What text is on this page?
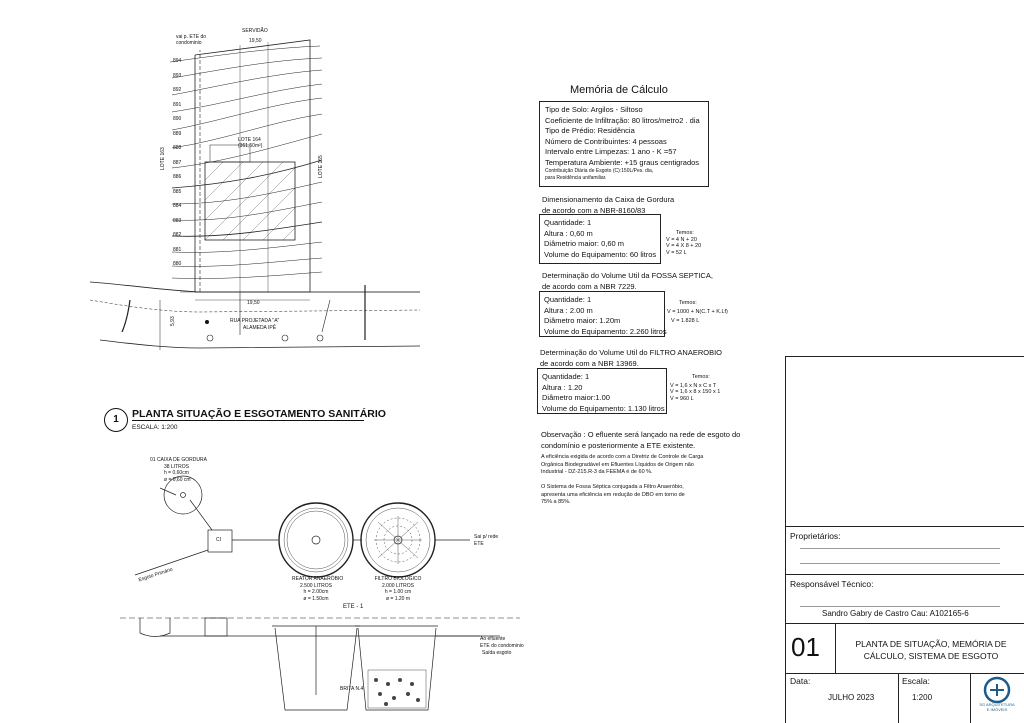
SERVIDÃO
vai p. ETE do
condominio	19,50
19,50
LOTE 164
(361,50m²)
LOTE 163	LOTE 165
RUA PROJETADA "A"
ALAMEDA IPÊ
5,93
894
893
892
891
890
889
888
887
886
885
884
883
882
881
880
1	PLANTA SITUAÇÃO E ESGOTAMENTO SANITÁRIO
ESCALA: 1:200
01 CAIXA DE GORDURA
38 LITROS
h = 0,60cm
ø = 0,60 cm
CI
REATOR ANAERÓBIO
2.500 LITROS
h = 2.00cm
ø = 1.50cm
FILTRO BIOLÓGICO
2.000 LITROS
h = 1.00 cm
ø = 1.20 m
ETE - 1
Sai p/ rede
ETE
Esgoto Primário
Ao efluente
ETE do condominio
BRITA N.4
Saída esgoto
Memória de Cálculo
Tipo de Solo: Argilos - Siltoso
Coeficiente de Infiltração: 80 litros/metro2 . dia
Tipo de Prédio: Residência
Número de Contribuintes: 4 pessoas
Intervalo entre Limpezas: 1 ano - K =57
Temperatura Ambiente: +15 graus centigrados
Contribuição Diária de Esgoto (C):150L/Pes. dia,
para Residência unifamiliar.
Dimensionamento da Caixa de Gordura
de acordo com a NBR-8160/83
Quantidade: 1
Altura : 0,60 m
Diâmetrio maior: 0,60 m
Volume do Equipamento: 60 litros
Temos:
V = 4 N + 20
V = 4 X 8 + 20
V = 52 L
Determinação do Volume Util da FOSSA SEPTICA,
de acordo com a NBR 7229.
Quantidade: 1
Altura : 2.00 m
Diâmetro maior: 1.20m
Volume do Equipamento: 2.260 litros
Temos:
V = 1000 + N(C.T + K.Lf)
V = 1.828 L
Determinação do Volume Util do FILTRO ANAEROBIO
de acordo com a NBR 13969.
Quantidade: 1
Altura : 1.20
Diâmetro maior:1.00
Volume do Equipamento: 1.130 litros
Temos:
V = 1,6 x N x C x T
V = 1,6 x 8 x 150 x 1
V = 960 L
Observação : O efluente será lançado na rede de esgoto do
condomínio e posteriormente a ETE existente.
A eficiência exigida de acordo com a Diretriz de Controle de Carga
Orgânica Biodegradável em Efluentes Líquidos de Origem não
Industrial - DZ-215.R-3 da FEEMA é de 60 %.
O Sistema de Fossa Séptica conjugada a Filtro Anaeróbio,
apresenta uma eficiência em redução de DBO em torno de
75% a 85%.
Proprietários:
Responsável Técnico:
Sandro Gabry de Castro Cau: A102165-6
01	PLANTA DE SITUAÇÃO, MEMÓRIA DE
CÁLCULO, SISTEMA DE ESGOTO
Data:
JULHO 2023
Escala:
1:200
SG ARQUITETURA
E IMÓVEIS
